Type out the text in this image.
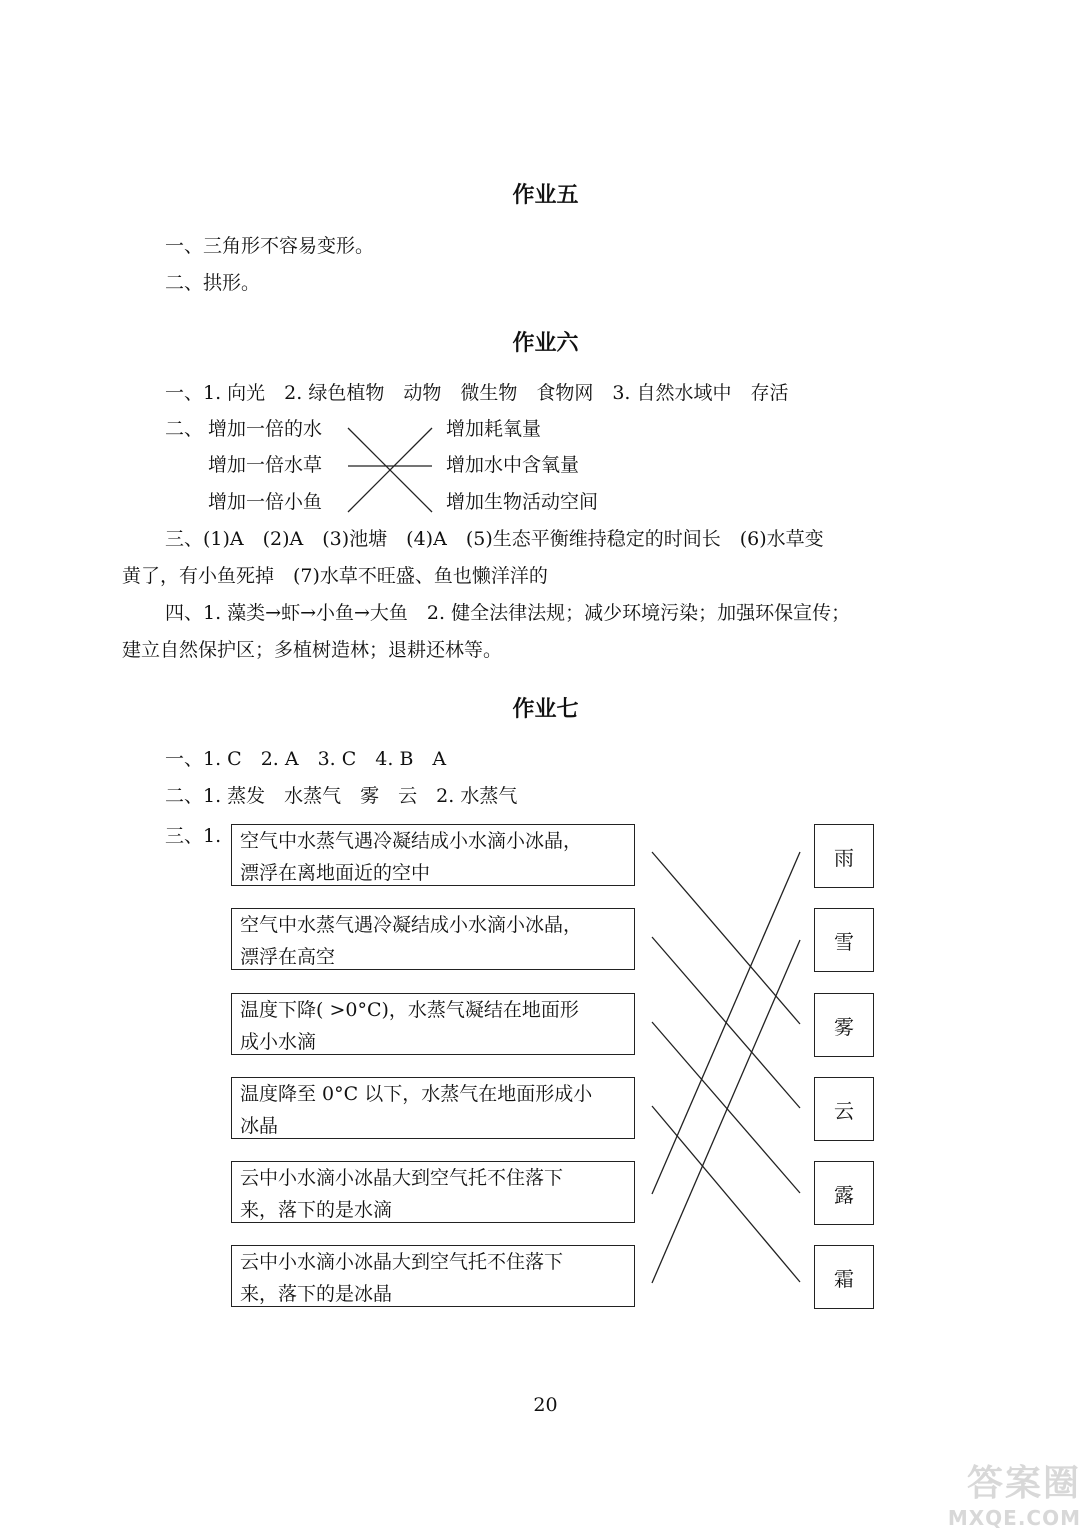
作业五
一、三角形不容易变形。
二、拱形。
作业六
一、1. 向光　2. 绿色植物　动物　微生物　食物网　3. 自然水域中　存活
二、 增加一倍的水
增加一倍水草
增加一倍小鱼
增加耗氧量
增加水中含氧量
增加生物活动空间
三、(1)A　(2)A　(3)池塘　(4)A　(5)生态平衡维持稳定的时间长　(6)水草变
黄了，有小鱼死掉　(7)水草不旺盛、鱼也懒洋洋的
四、1. 藻类→虾→小鱼→大鱼　2. 健全法律法规；减少环境污染；加强环保宣传；
建立自然保护区；多植树造林；退耕还林等。
作业七
一、1. C　2. A　3. C　4. B　A
二、1. 蒸发　水蒸气　雾　云　2. 水蒸气
三、1. 空气中水蒸气遇冷凝结成小水滴小冰晶，
漂浮在离地面近的空中
空气中水蒸气遇冷凝结成小水滴小冰晶，
漂浮在高空
温度下降( >0°C)，水蒸气凝结在地面形
成小水滴
温度降至 0°C 以下，水蒸气在地面形成小
冰晶
云中小水滴小冰晶大到空气托不住落下
来，落下的是水滴
云中小水滴小冰晶大到空气托不住落下
来，落下的是冰晶
雨
雪
雾
云
露
霜
20
答案圈
MXQE.COM
